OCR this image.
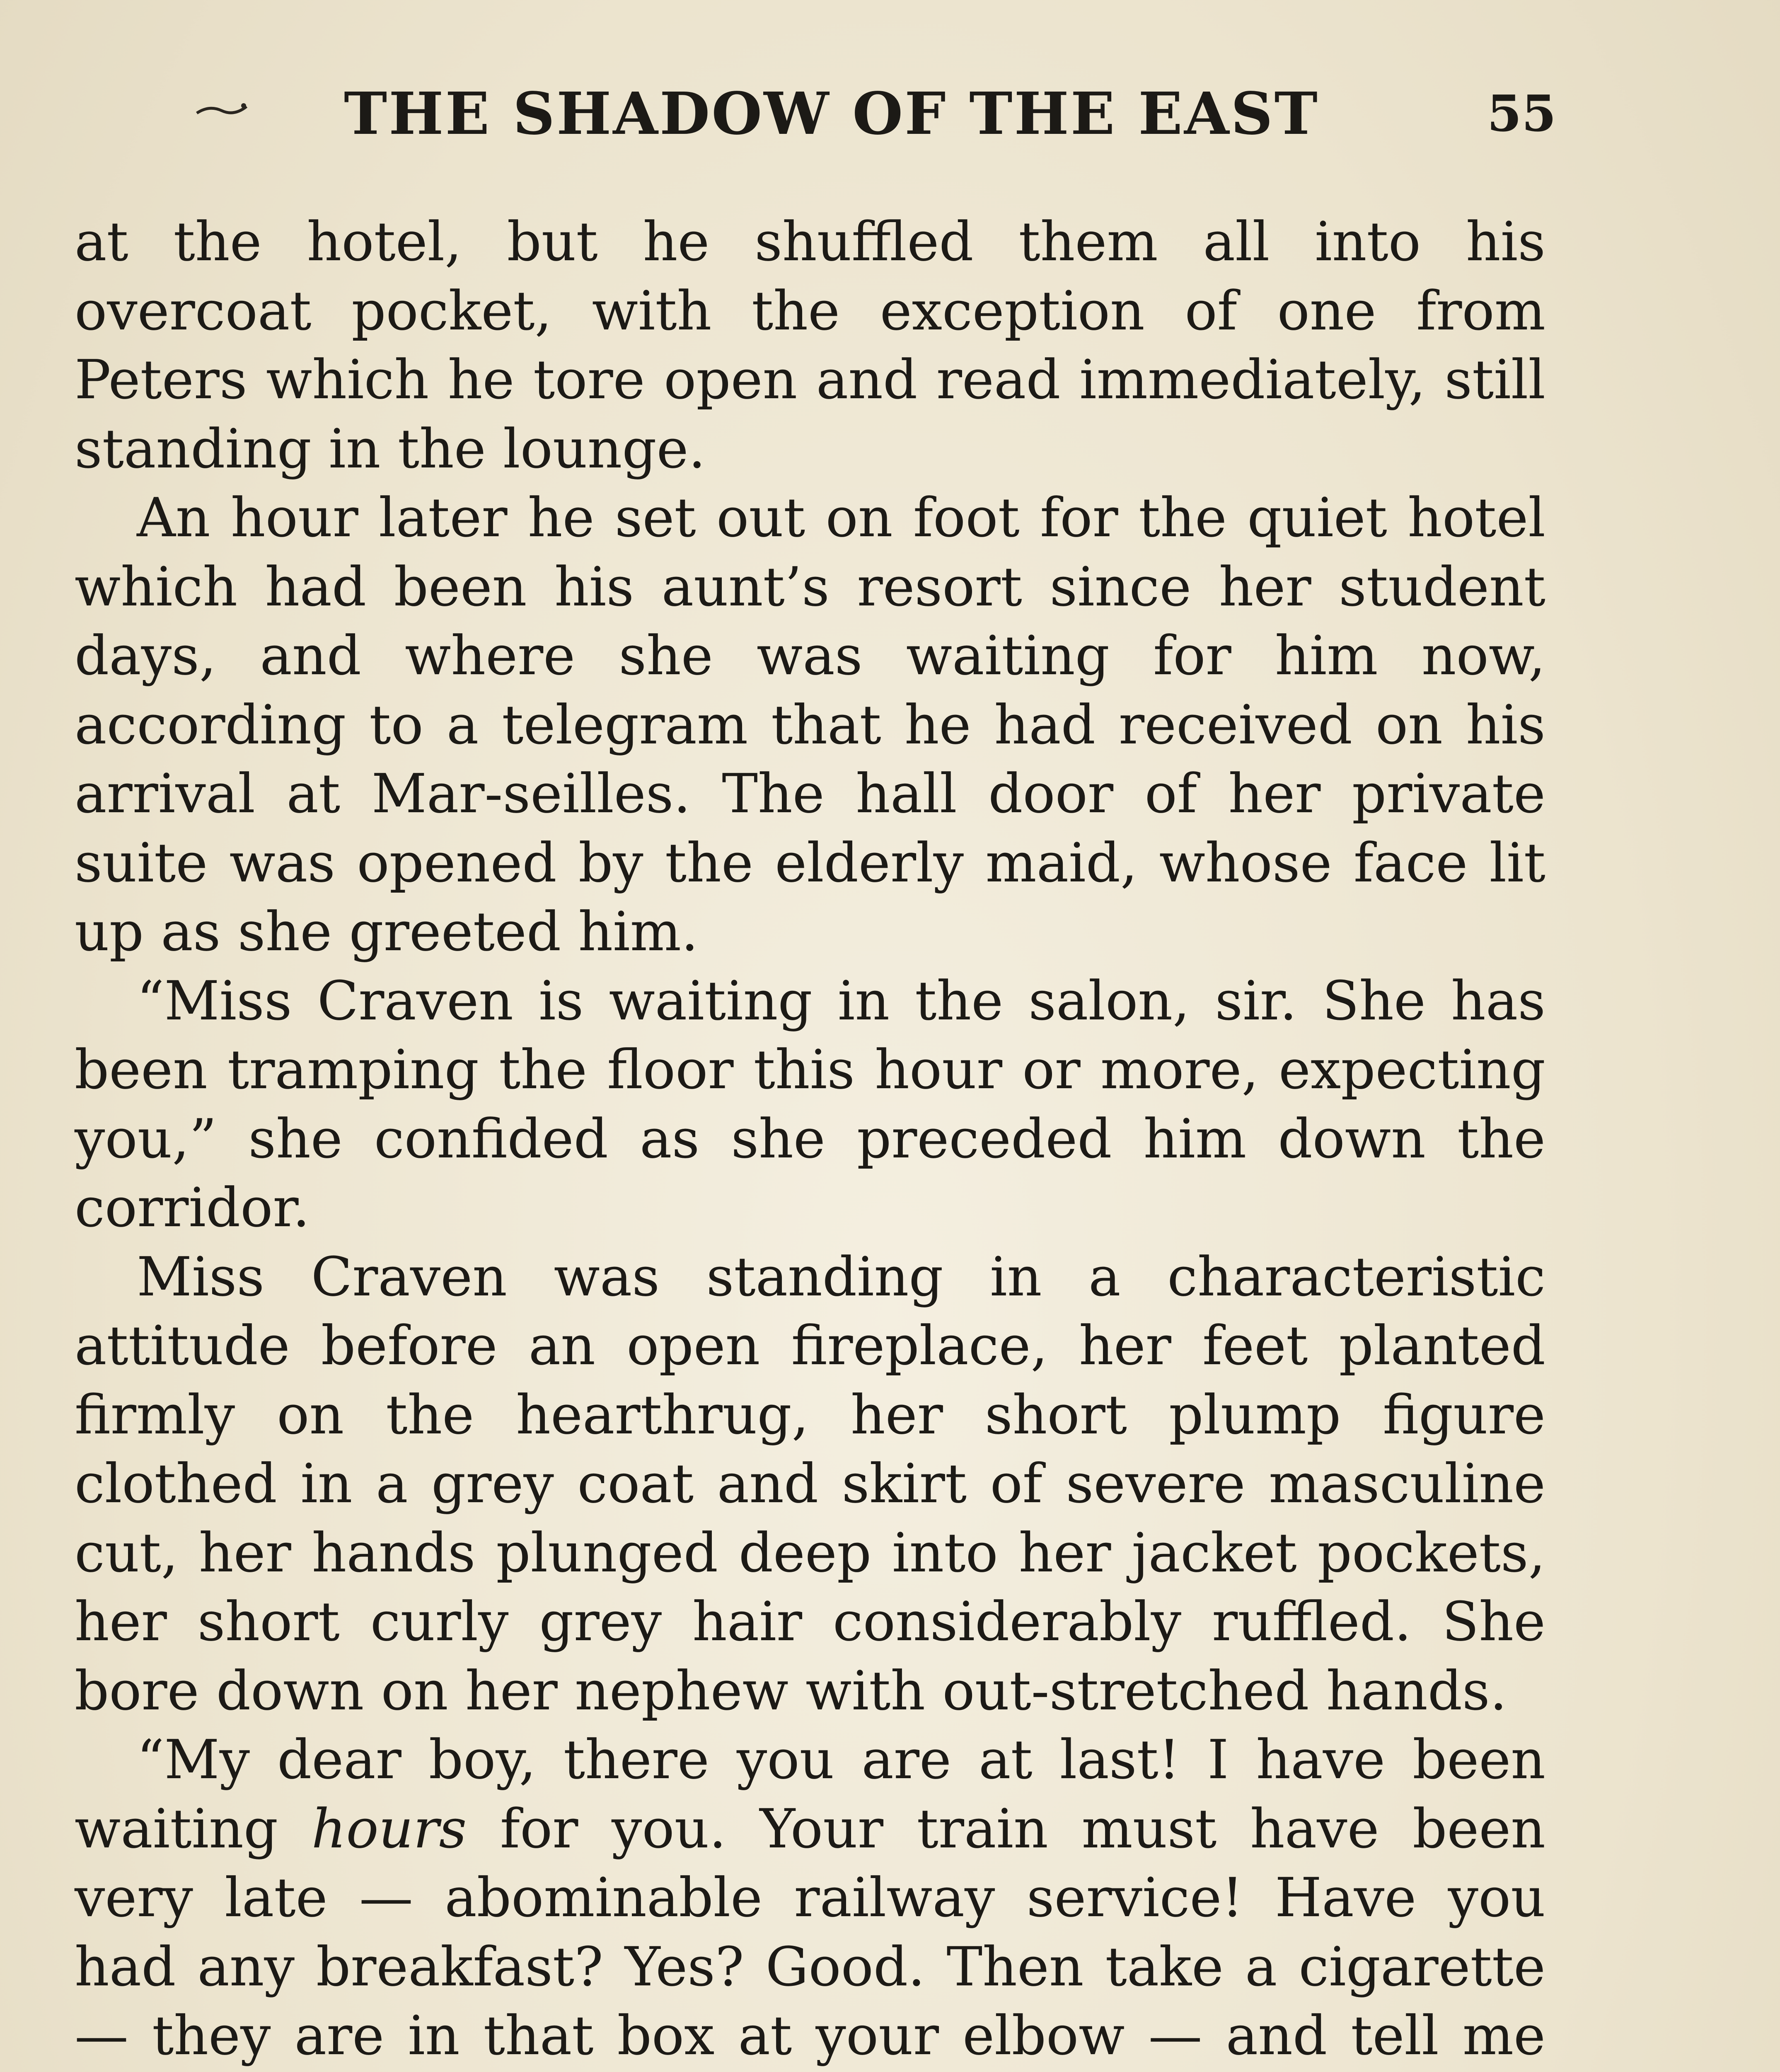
THE SHADOW OF THE EAST	55

at the hotel, but he shuffled them all into his overcoat pocket, with the exception of one from Peters which he tore open and read immediately, still standing in the lounge.

An hour later he set out on foot for the quiet hotel which had been his aunt’s resort since her student days, and where she was waiting for him now, according to a telegram that he had received on his arrival at Mar-seilles. The hall door of her private suite was opened by the elderly maid, whose face lit up as she greeted him.

“Miss Craven is waiting in the salon, sir. She has been tramping the floor this hour or more, expecting you,” she confided as she preceded him down the corridor.

Miss Craven was standing in a characteristic attitude before an open fireplace, her feet planted firmly on the hearthrug, her short plump figure clothed in a grey coat and skirt of severe masculine cut, her hands plunged deep into her jacket pockets, her short curly grey hair considerably ruffled. She bore down on her nephew with out-stretched hands.

“My dear boy, there you are at last! I have been waiting hours for you. Your train must have been very late — abominable railway service! Have you had any breakfast? Yes? Good. Then take a cigarette — they are in that box at your elbow — and tell me
